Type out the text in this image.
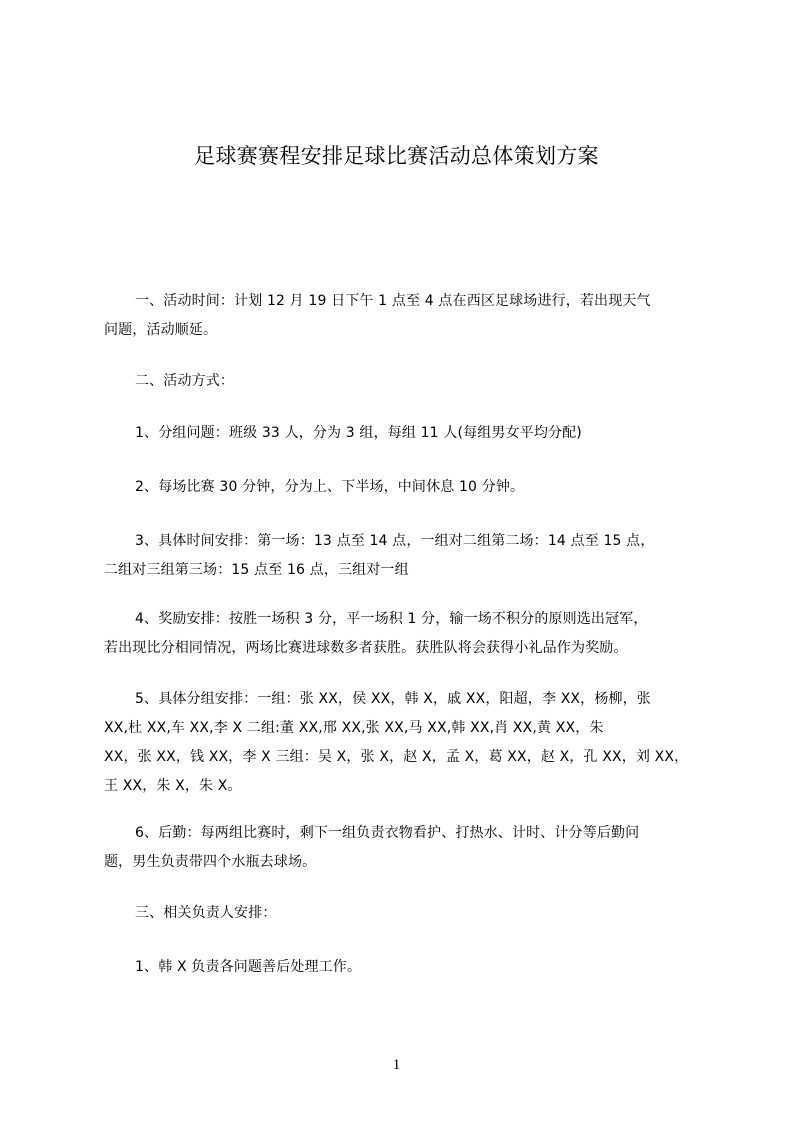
足球赛赛程安排足球比赛活动总体策划方案
一、活动时间：计划 12 月 19 日下午 1 点至 4 点在西区足球场进行，若出现天气
问题，活动顺延。
二、活动方式：
1、分组问题：班级 33 人，分为 3 组，每组 11 人(每组男女平均分配)
2、每场比赛 30 分钟，分为上、下半场，中间休息 10 分钟。
3、具体时间安排：第一场：13 点至 14 点，一组对二组第二场：14 点至 15 点，
二组对三组第三场：15 点至 16 点，三组对一组
4、奖励安排：按胜一场积 3 分，平一场积 1 分，输一场不积分的原则选出冠军，
若出现比分相同情况，两场比赛进球数多者获胜。获胜队将会获得小礼品作为奖励。
5、具体分组安排：一组：张 XX，侯 XX，韩 X，戚 XX，阳超，李 XX，杨柳，张
XX,杜 XX,车 XX,李 X 二组:董 XX,邢 XX,张 XX,马 XX,韩 XX,肖 XX,黄 XX，朱
XX，张 XX，钱 XX，李 X 三组：吴 X，张 X，赵 X，孟 X，葛 XX，赵 X，孔 XX，刘 XX，
王 XX，朱 X，朱 X。
6、后勤：每两组比赛时，剩下一组负责衣物看护、打热水、计时、计分等后勤问
题，男生负责带四个水瓶去球场。
三、相关负责人安排：
1、韩 X 负责各问题善后处理工作。
1
